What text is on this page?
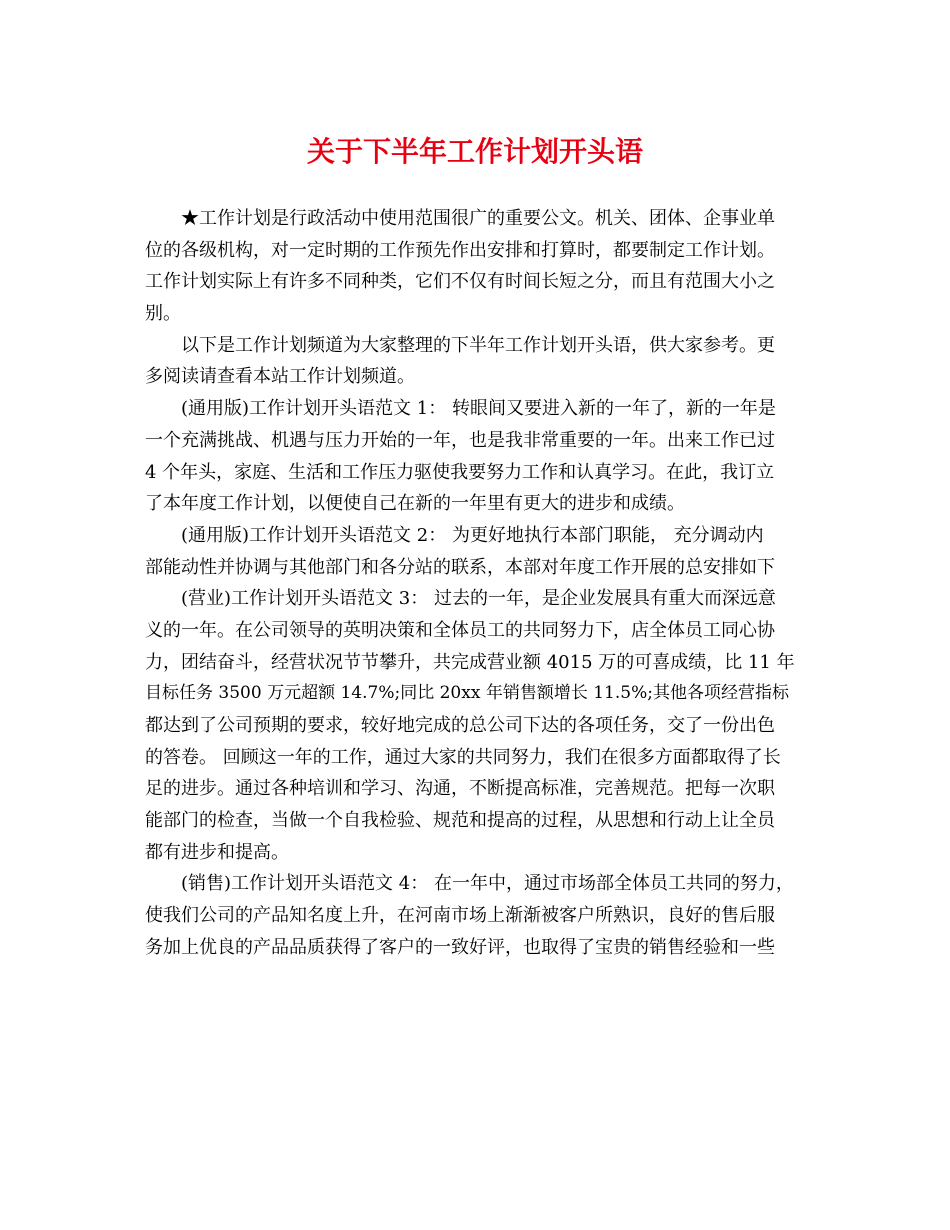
关于下半年工作计划开头语
★工作计划是行政活动中使用范围很广的重要公文。机关、团体、企事业单
位的各级机构，对一定时期的工作预先作出安排和打算时，都要制定工作计划。
工作计划实际上有许多不同种类，它们不仅有时间长短之分，而且有范围大小之
别。
以下是工作计划频道为大家整理的下半年工作计划开头语，供大家参考。更
多阅读请查看本站工作计划频道。
(通用版)工作计划开头语范文 1： 转眼间又要进入新的一年了，新的一年是
一个充满挑战、机遇与压力开始的一年，也是我非常重要的一年。出来工作已过
4 个年头，家庭、生活和工作压力驱使我要努力工作和认真学习。在此，我订立
了本年度工作计划，以便使自己在新的一年里有更大的进步和成绩。
(通用版)工作计划开头语范文 2： 为更好地执行本部门职能， 充分调动内
部能动性并协调与其他部门和各分站的联系，本部对年度工作开展的总安排如下
(营业)工作计划开头语范文 3： 过去的一年，是企业发展具有重大而深远意
义的一年。在公司领导的英明决策和全体员工的共同努力下，店全体员工同心协
力，团结奋斗，经营状况节节攀升，共完成营业额 4015 万的可喜成绩，比 11 年
目标任务 3500 万元超额 14.7%;同比 20xx 年销售额增长 11.5%;其他各项经营指标
都达到了公司预期的要求，较好地完成的总公司下达的各项任务，交了一份出色
的答卷。 回顾这一年的工作，通过大家的共同努力，我们在很多方面都取得了长
足的进步。通过各种培训和学习、沟通，不断提高标准，完善规范。把每一次职
能部门的检查，当做一个自我检验、规范和提高的过程，从思想和行动上让全员
都有进步和提高。
(销售)工作计划开头语范文 4： 在一年中，通过市场部全体员工共同的努力，
使我们公司的产品知名度上升，在河南市场上渐渐被客户所熟识，良好的售后服
务加上优良的产品品质获得了客户的一致好评，也取得了宝贵的销售经验和一些
